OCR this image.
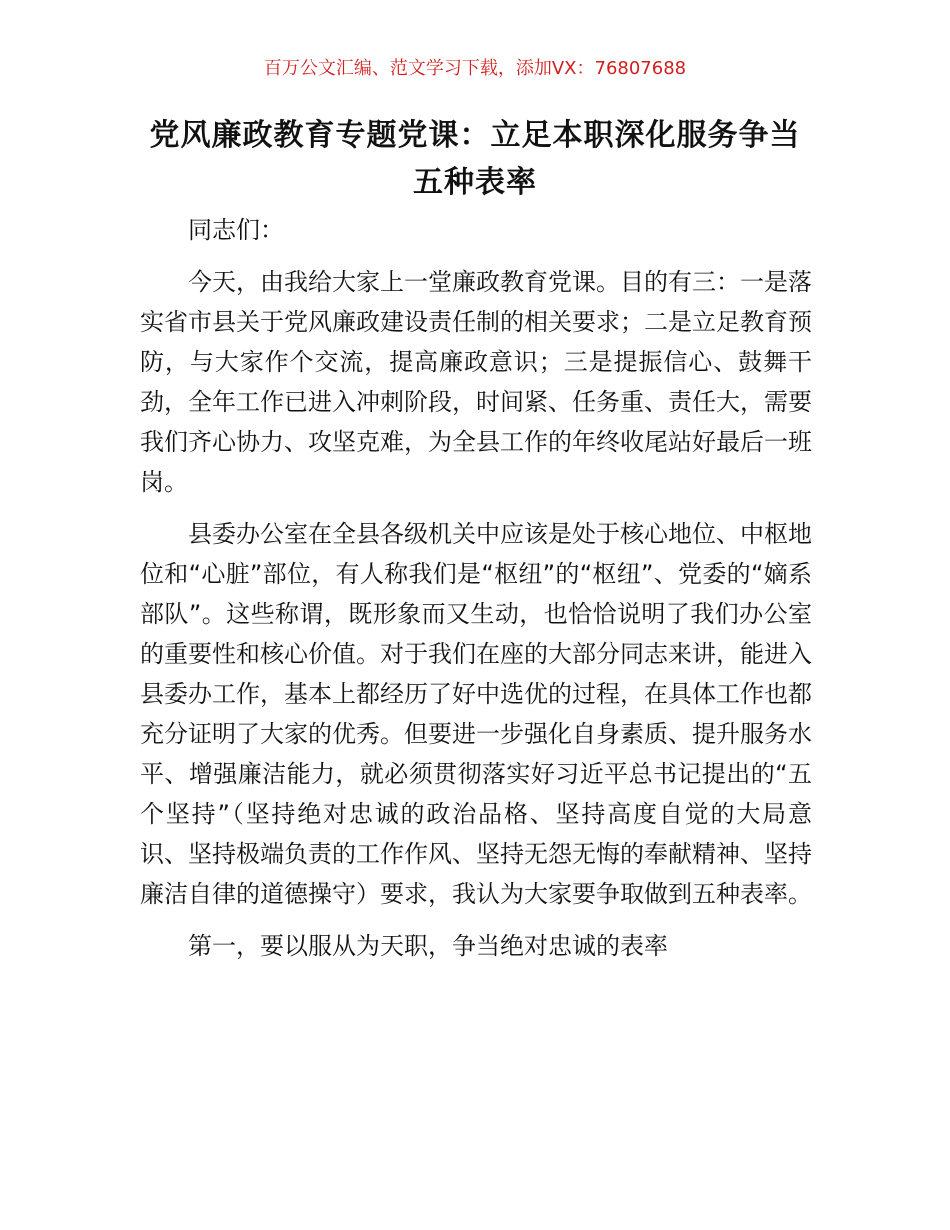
百万公文汇编、范文学习下载，添加VX：76807688
党风廉政教育专题党课：立足本职深化服务争当五种表率

同志们：

今天，由我给大家上一堂廉政教育党课。目的有三：一是落实省市县关于党风廉政建设责任制的相关要求；二是立足教育预防，与大家作个交流，提高廉政意识；三是提振信心、鼓舞干劲，全年工作已进入冲刺阶段，时间紧、任务重、责任大，需要我们齐心协力、攻坚克难，为全县工作的年终收尾站好最后一班岗。

县委办公室在全县各级机关中应该是处于核心地位、中枢地位和“心脏”部位，有人称我们是“枢纽”的“枢纽”、党委的“嫡系部队”。这些称谓，既形象而又生动，也恰恰说明了我们办公室的重要性和核心价值。对于我们在座的大部分同志来讲，能进入县委办工作，基本上都经历了好中选优的过程，在具体工作也都充分证明了大家的优秀。但要进一步强化自身素质、提升服务水平、增强廉洁能力，就必须贯彻落实好习近平总书记提出的“五个坚持”（坚持绝对忠诚的政治品格、坚持高度自觉的大局意识、坚持极端负责的工作作风、坚持无怨无悔的奉献精神、坚持廉洁自律的道德操守）要求，我认为大家要争取做到五种表率。

第一，要以服从为天职，争当绝对忠诚的表率
